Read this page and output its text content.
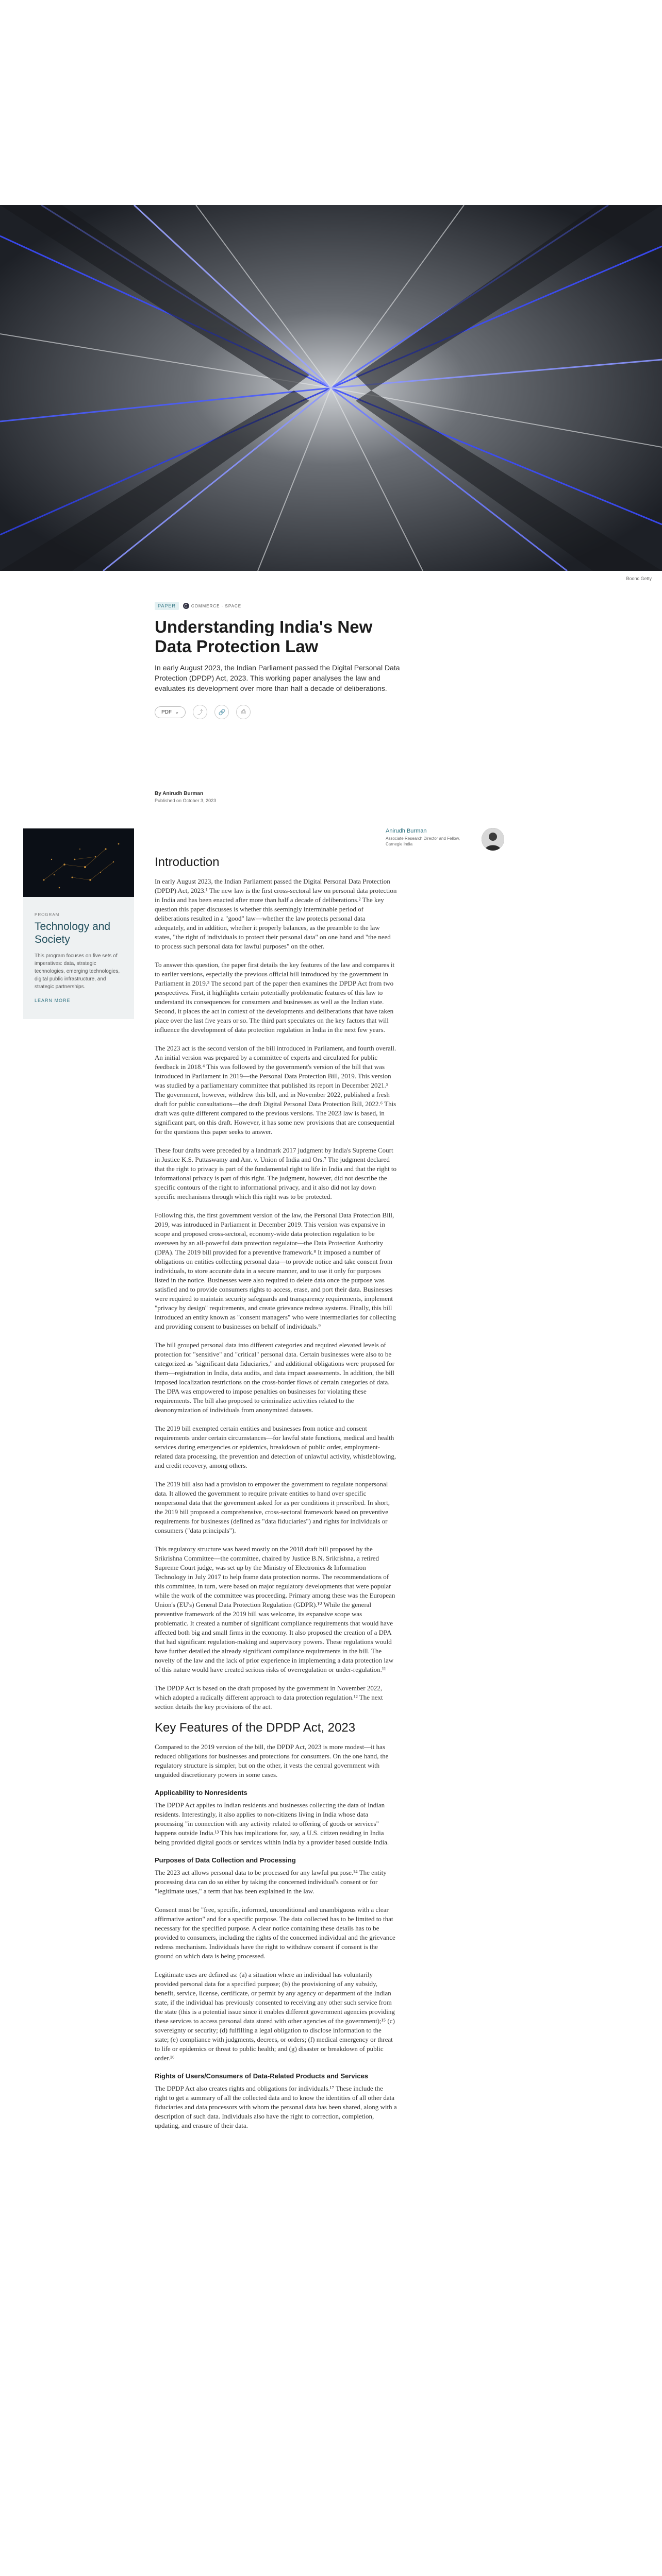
Boonc Getty
PAPER	C COMMERCE · SPACE
Understanding India's New Data Protection Law

In early August 2023, the Indian Parliament passed the Digital Personal Data Protection (DPDP) Act, 2023. This working paper analyses the law and evaluates its development over more than half a decade of deliberations.

PDF ⌄	⤴	🔗	⎙
By Anirudh Burman
Published on October 3, 2023
Anirudh Burman
Associate Research Director and Fellow, Carnegie India
PROGRAM
Technology and Society
This program focuses on five sets of imperatives: data, strategic technologies, emerging technologies, digital public infrastructure, and strategic partnerships.
LEARN MORE
Introduction

In early August 2023, the Indian Parliament passed the Digital Personal Data Protection (DPDP) Act, 2023.¹ The new law is the first cross-sectoral law on personal data protection in India and has been enacted after more than half a decade of deliberations.² The key question this paper discusses is whether this seemingly interminable period of deliberations resulted in a "good" law—whether the law protects personal data adequately, and in addition, whether it properly balances, as the preamble to the law states, "the right of individuals to protect their personal data" on one hand and "the need to process such personal data for lawful purposes" on the other.

To answer this question, the paper first details the key features of the law and compares it to earlier versions, especially the previous official bill introduced by the government in Parliament in 2019.³ The second part of the paper then examines the DPDP Act from two perspectives. First, it highlights certain potentially problematic features of this law to understand its consequences for consumers and businesses as well as the Indian state. Second, it places the act in context of the developments and deliberations that have taken place over the last five years or so. The third part speculates on the key factors that will influence the development of data protection regulation in India in the next few years.

The 2023 act is the second version of the bill introduced in Parliament, and fourth overall. An initial version was prepared by a committee of experts and circulated for public feedback in 2018.⁴ This was followed by the government's version of the bill that was introduced in Parliament in 2019—the Personal Data Protection Bill, 2019. This version was studied by a parliamentary committee that published its report in December 2021.⁵ The government, however, withdrew this bill, and in November 2022, published a fresh draft for public consultations—the draft Digital Personal Data Protection Bill, 2022.⁶ This draft was quite different compared to the previous versions. The 2023 law is based, in significant part, on this draft. However, it has some new provisions that are consequential for the questions this paper seeks to answer.

These four drafts were preceded by a landmark 2017 judgment by India's Supreme Court in Justice K.S. Puttaswamy and Anr. v. Union of India and Ors.⁷ The judgment declared that the right to privacy is part of the fundamental right to life in India and that the right to informational privacy is part of this right. The judgment, however, did not describe the specific contours of the right to informational privacy, and it also did not lay down specific mechanisms through which this right was to be protected.

Following this, the first government version of the law, the Personal Data Protection Bill, 2019, was introduced in Parliament in December 2019. This version was expansive in scope and proposed cross-sectoral, economy-wide data protection regulation to be overseen by an all-powerful data protection regulator—the Data Protection Authority (DPA). The 2019 bill provided for a preventive framework.⁸ It imposed a number of obligations on entities collecting personal data—to provide notice and take consent from individuals, to store accurate data in a secure manner, and to use it only for purposes listed in the notice. Businesses were also required to delete data once the purpose was satisfied and to provide consumers rights to access, erase, and port their data. Businesses were required to maintain security safeguards and transparency requirements, implement "privacy by design" requirements, and create grievance redress systems. Finally, this bill introduced an entity known as "consent managers" who were intermediaries for collecting and providing consent to businesses on behalf of individuals.⁹

The bill grouped personal data into different categories and required elevated levels of protection for "sensitive" and "critical" personal data. Certain businesses were also to be categorized as "significant data fiduciaries," and additional obligations were proposed for them—registration in India, data audits, and data impact assessments. In addition, the bill imposed localization restrictions on the cross-border flows of certain categories of data. The DPA was empowered to impose penalties on businesses for violating these requirements. The bill also proposed to criminalize activities related to the deanonymization of individuals from anonymized datasets.

The 2019 bill exempted certain entities and businesses from notice and consent requirements under certain circumstances—for lawful state functions, medical and health services during emergencies or epidemics, breakdown of public order, employment-related data processing, the prevention and detection of unlawful activity, whistleblowing, and credit recovery, among others.

The 2019 bill also had a provision to empower the government to regulate nonpersonal data. It allowed the government to require private entities to hand over specific nonpersonal data that the government asked for as per conditions it prescribed. In short, the 2019 bill proposed a comprehensive, cross-sectoral framework based on preventive requirements for businesses (defined as "data fiduciaries") and rights for individuals or consumers ("data principals").

This regulatory structure was based mostly on the 2018 draft bill proposed by the Srikrishna Committee—the committee, chaired by Justice B.N. Srikrishna, a retired Supreme Court judge, was set up by the Ministry of Electronics & Information Technology in July 2017 to help frame data protection norms. The recommendations of this committee, in turn, were based on major regulatory developments that were popular while the work of the committee was proceeding. Primary among these was the European Union's (EU's) General Data Protection Regulation (GDPR).¹⁰ While the general preventive framework of the 2019 bill was welcome, its expansive scope was problematic. It created a number of significant compliance requirements that would have affected both big and small firms in the economy. It also proposed the creation of a DPA that had significant regulation-making and supervisory powers. These regulations would have further detailed the already significant compliance requirements in the bill. The novelty of the law and the lack of prior experience in implementing a data protection law of this nature would have created serious risks of overregulation or under-regulation.¹¹

The DPDP Act is based on the draft proposed by the government in November 2022, which adopted a radically different approach to data protection regulation.¹² The next section details the key provisions of the act.

Key Features of the DPDP Act, 2023

Compared to the 2019 version of the bill, the DPDP Act, 2023 is more modest—it has reduced obligations for businesses and protections for consumers. On the one hand, the regulatory structure is simpler, but on the other, it vests the central government with unguided discretionary powers in some cases.

Applicability to Nonresidents

The DPDP Act applies to Indian residents and businesses collecting the data of Indian residents. Interestingly, it also applies to non-citizens living in India whose data processing "in connection with any activity related to offering of goods or services" happens outside India.¹³ This has implications for, say, a U.S. citizen residing in India being provided digital goods or services within India by a provider based outside India.

Purposes of Data Collection and Processing

The 2023 act allows personal data to be processed for any lawful purpose.¹⁴ The entity processing data can do so either by taking the concerned individual's consent or for "legitimate uses," a term that has been explained in the law.

Consent must be "free, specific, informed, unconditional and unambiguous with a clear affirmative action" and for a specific purpose. The data collected has to be limited to that necessary for the specified purpose. A clear notice containing these details has to be provided to consumers, including the rights of the concerned individual and the grievance redress mechanism. Individuals have the right to withdraw consent if consent is the ground on which data is being processed.

Legitimate uses are defined as: (a) a situation where an individual has voluntarily provided personal data for a specified purpose; (b) the provisioning of any subsidy, benefit, service, license, certificate, or permit by any agency or department of the Indian state, if the individual has previously consented to receiving any other such service from the state (this is a potential issue since it enables different government agencies providing these services to access personal data stored with other agencies of the government);¹⁵ (c) sovereignty or security; (d) fulfilling a legal obligation to disclose information to the state; (e) compliance with judgments, decrees, or orders; (f) medical emergency or threat to life or epidemics or threat to public health; and (g) disaster or breakdown of public order.¹⁶

Rights of Users/Consumers of Data-Related Products and Services

The DPDP Act also creates rights and obligations for individuals.¹⁷ These include the right to get a summary of all the collected data and to know the identities of all other data fiduciaries and data processors with whom the personal data has been shared, along with a description of such data. Individuals also have the right to correction, completion, updating, and erasure of their data.
